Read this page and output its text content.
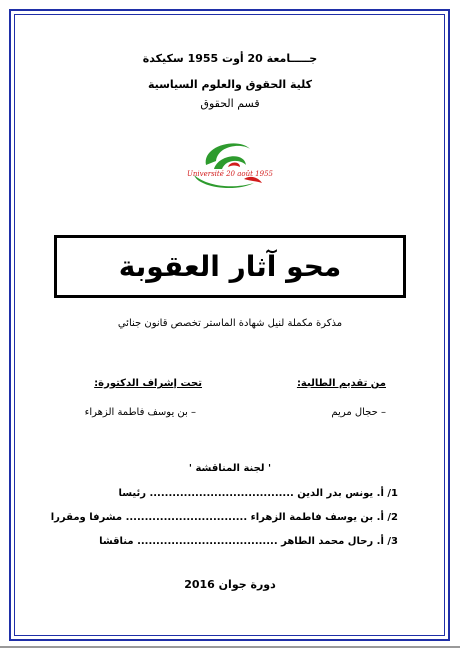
جـــــامعة 20 أوت 1955 سكيكدة
كلية الحقوق والعلوم السياسية
قسم الحقوق
Université 20 août 1955
محو آثار العقوبة
مذكرة مكملة لنيل شهادة الماستر تخصص قانون جنائي
من تقديم الطالبة:
تحت إشراف الدكتورة:
– حجال مريم
– بن يوسف فاطمة الزهراء
' لجنة المناقشة '
1/ أ. يونس بدر الدين ...................................... رئيسا
2/ أ. بن يوسف فاطمة الزهراء ................................ مشرفا ومقررا
3/ أ. رحال محمد الطاهر ..................................... مناقشا
دورة جوان 2016
